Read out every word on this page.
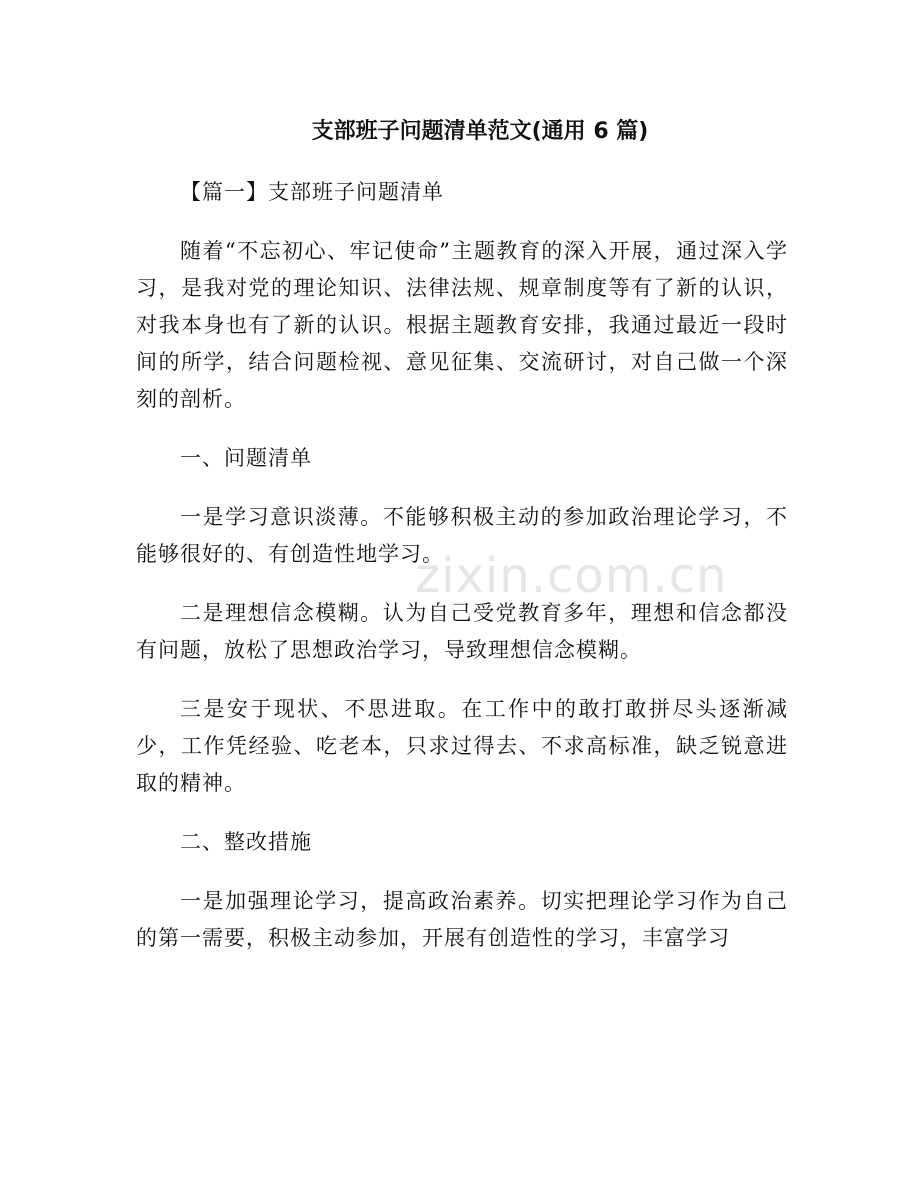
zixin.com.cn
支部班子问题清单范文(通用 6 篇)

【篇一】支部班子问题清单

随着“不忘初心、牢记使命”主题教育的深入开展，通过深入学习，是我对党的理论知识、法律法规、规章制度等有了新的认识，对我本身也有了新的认识。根据主题教育安排，我通过最近一段时间的所学，结合问题检视、意见征集、交流研讨，对自己做一个深刻的剖析。

一、问题清单

一是学习意识淡薄。不能够积极主动的参加政治理论学习，不能够很好的、有创造性地学习。

二是理想信念模糊。认为自己受党教育多年，理想和信念都没有问题，放松了思想政治学习，导致理想信念模糊。

三是安于现状、不思进取。在工作中的敢打敢拼尽头逐渐减少，工作凭经验、吃老本，只求过得去、不求高标准，缺乏锐意进取的精神。

二、整改措施

一是加强理论学习，提高政治素养。切实把理论学习作为自己的第一需要，积极主动参加，开展有创造性的学习，丰富学习
